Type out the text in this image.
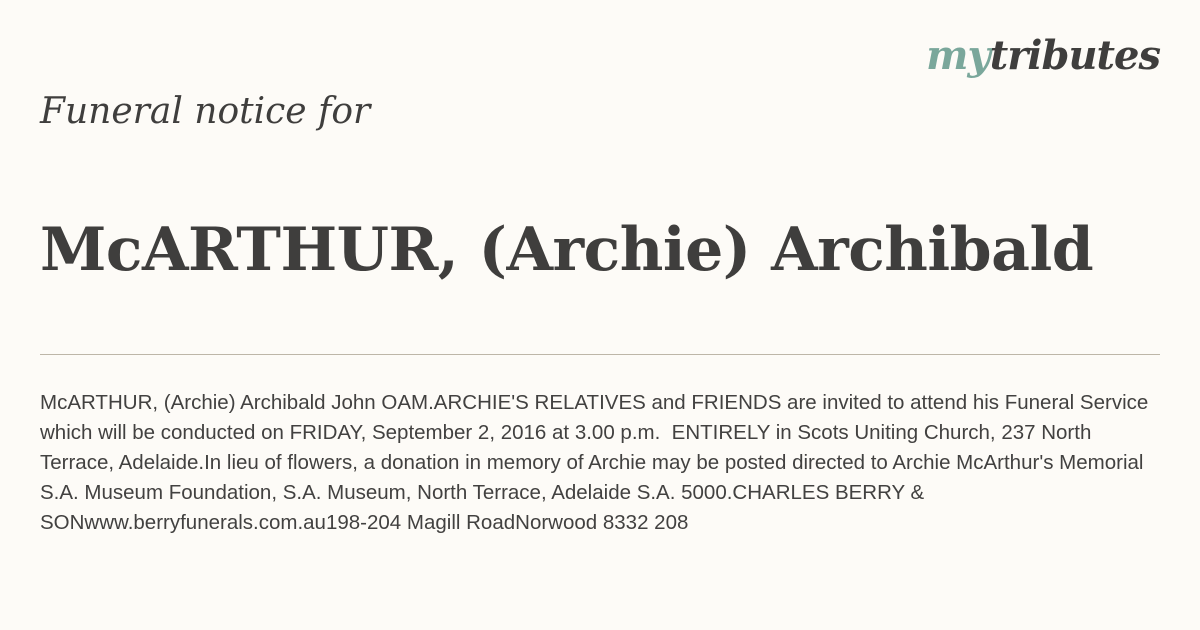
mytributes
Funeral notice for
McARTHUR, (Archie) Archibald

McARTHUR, (Archie) Archibald John OAM.ARCHIE'S RELATIVES and FRIENDS are invited to attend his Funeral Service which will be conducted on FRIDAY, September 2, 2016 at 3.00 p.m.  ENTIRELY in Scots Uniting Church, 237 North Terrace, Adelaide.In lieu of flowers, a donation in memory of Archie may be posted directed to Archie McArthur's Memorial S.A. Museum Foundation, S.A. Museum, North Terrace, Adelaide S.A. 5000.CHARLES BERRY & SONwww.berryfunerals.com.au198-204 Magill RoadNorwood 8332 208
